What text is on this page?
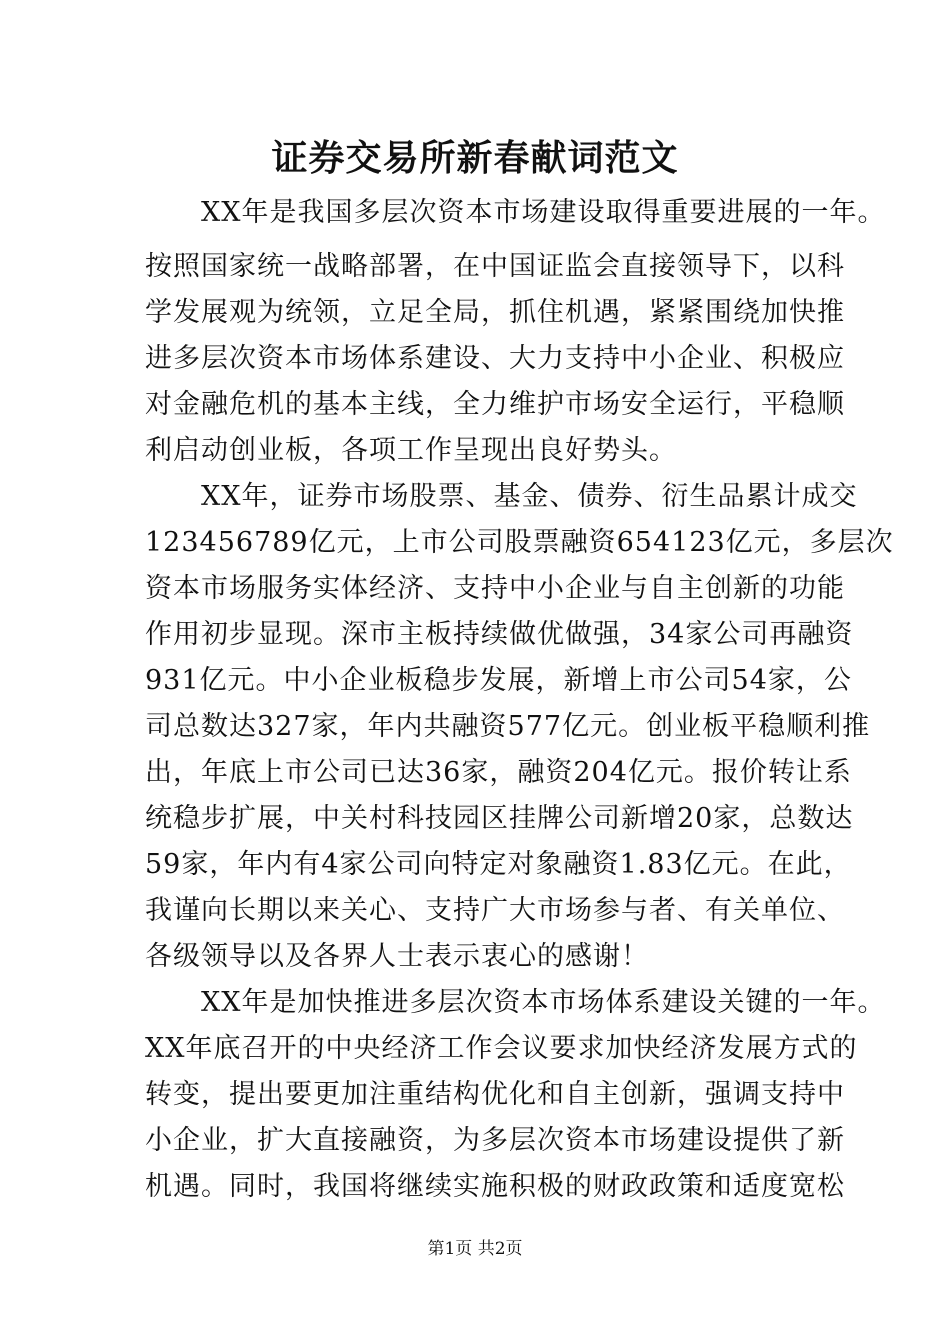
证券交易所新春献词范文
　　XX年是我国多层次资本市场建设取得重要进展的一年。
按照国家统一战略部署，在中国证监会直接领导下，以科
学发展观为统领，立足全局，抓住机遇，紧紧围绕加快推
进多层次资本市场体系建设、大力支持中小企业、积极应
对金融危机的基本主线，全力维护市场安全运行，平稳顺
利启动创业板，各项工作呈现出良好势头。
　　XX年，证券市场股票、基金、债券、衍生品累计成交
123456789亿元，上市公司股票融资654123亿元，多层次
资本市场服务实体经济、支持中小企业与自主创新的功能
作用初步显现。深市主板持续做优做强，34家公司再融资
931亿元。中小企业板稳步发展，新增上市公司54家，公
司总数达327家，年内共融资577亿元。创业板平稳顺利推
出，年底上市公司已达36家，融资204亿元。报价转让系
统稳步扩展，中关村科技园区挂牌公司新增20家，总数达
59家，年内有4家公司向特定对象融资1.83亿元。在此，
我谨向长期以来关心、支持广大市场参与者、有关单位、
各级领导以及各界人士表示衷心的感谢！
　　XX年是加快推进多层次资本市场体系建设关键的一年。
XX年底召开的中央经济工作会议要求加快经济发展方式的
转变，提出要更加注重结构优化和自主创新，强调支持中
小企业，扩大直接融资，为多层次资本市场建设提供了新
机遇。同时，我国将继续实施积极的财政政策和适度宽松
第1页 共2页
